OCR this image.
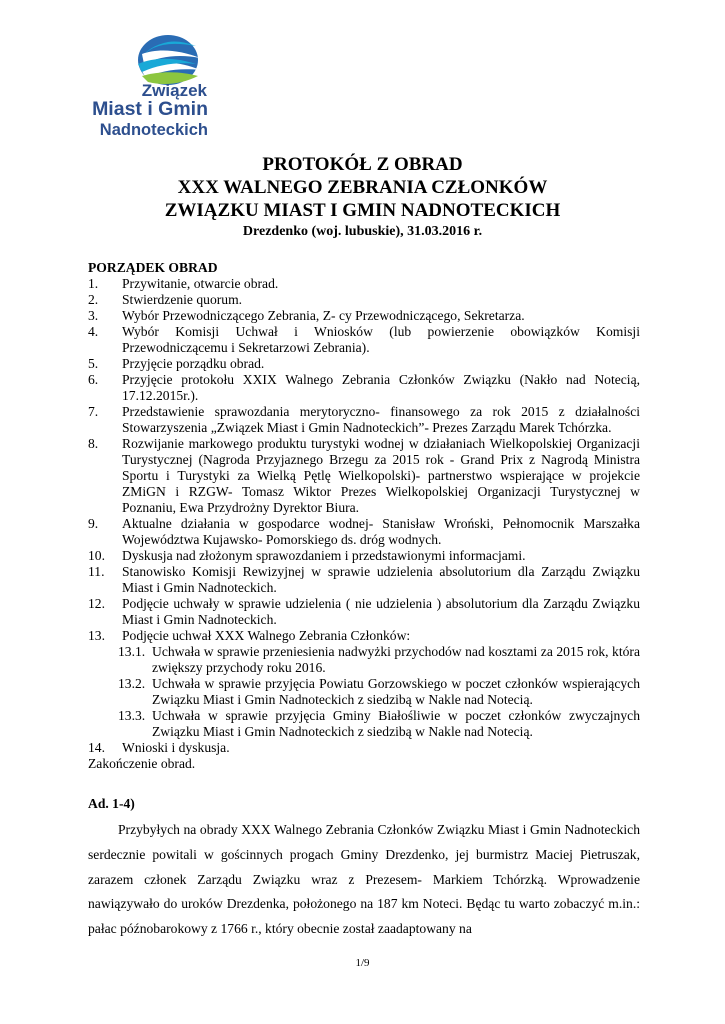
Związek
Miast i Gmin
Nadnoteckich
PROTOKÓŁ Z OBRAD
XXX WALNEGO ZEBRANIA CZŁONKÓW
ZWIĄZKU MIAST I GMIN NADNOTECKICH
Drezdenko (woj. lubuskie), 31.03.2016 r.
PORZĄDEK OBRAD
1.	Przywitanie, otwarcie obrad.
2.	Stwierdzenie quorum.
3.	Wybór Przewodniczącego Zebrania, Z- cy Przewodniczącego, Sekretarza.
4.	Wybór Komisji Uchwał i Wniosków (lub powierzenie obowiązków Komisji Przewodniczącemu i Sekretarzowi Zebrania).
5.	Przyjęcie porządku obrad.
6.	Przyjęcie protokołu XXIX Walnego Zebrania Członków Związku (Nakło nad Notecią, 17.12.2015r.).
7.	Przedstawienie sprawozdania merytoryczno- finansowego za rok 2015 z działalności Stowarzyszenia „Związek Miast i Gmin Nadnoteckich”- Prezes Zarządu Marek Tchórzka.
8.	Rozwijanie markowego produktu turystyki wodnej w działaniach Wielkopolskiej Organizacji Turystycznej (Nagroda Przyjaznego Brzegu za 2015 rok - Grand Prix z Nagrodą Ministra Sportu i Turystyki za Wielką Pętlę Wielkopolski)- partnerstwo wspierające w projekcie ZMiGN i RZGW- Tomasz Wiktor Prezes Wielkopolskiej Organizacji Turystycznej w Poznaniu, Ewa Przydrożny Dyrektor Biura.
9.	Aktualne działania w gospodarce wodnej- Stanisław Wroński, Pełnomocnik Marszałka Województwa Kujawsko- Pomorskiego ds. dróg wodnych.
10.	Dyskusja nad złożonym sprawozdaniem i przedstawionymi informacjami.
11.	Stanowisko Komisji Rewizyjnej w sprawie udzielenia absolutorium dla Zarządu Związku Miast i Gmin Nadnoteckich.
12.	Podjęcie uchwały w sprawie udzielenia ( nie udzielenia ) absolutorium dla Zarządu Związku Miast i Gmin Nadnoteckich.
13.	Podjęcie uchwał XXX Walnego Zebrania Członków:
13.1. Uchwała w sprawie przeniesienia nadwyżki przychodów nad kosztami za 2015 rok, która zwiększy przychody roku 2016.
13.2. Uchwała w sprawie przyjęcia Powiatu Gorzowskiego w poczet członków wspierających Związku Miast i Gmin Nadnoteckich z siedzibą w Nakle nad Notecią.
13.3. Uchwała w sprawie przyjęcia Gminy Białośliwie w poczet członków zwyczajnych Związku Miast i Gmin Nadnoteckich z siedzibą w Nakle nad Notecią.
14.	Wnioski i dyskusja.
Zakończenie obrad.
Ad. 1-4)
Przybyłych na obrady XXX Walnego Zebrania Członków Związku Miast i Gmin Nadnoteckich serdecznie powitali w gościnnych progach Gminy Drezdenko, jej burmistrz Maciej Pietruszak, zarazem członek Zarządu Związku wraz z Prezesem- Markiem Tchórzką. Wprowadzenie nawiązywało do uroków Drezdenka, położonego na 187 km Noteci. Będąc tu warto zobaczyć m.in.: pałac późnobarokowy z 1766 r., który obecnie został zaadaptowany na
1/9
